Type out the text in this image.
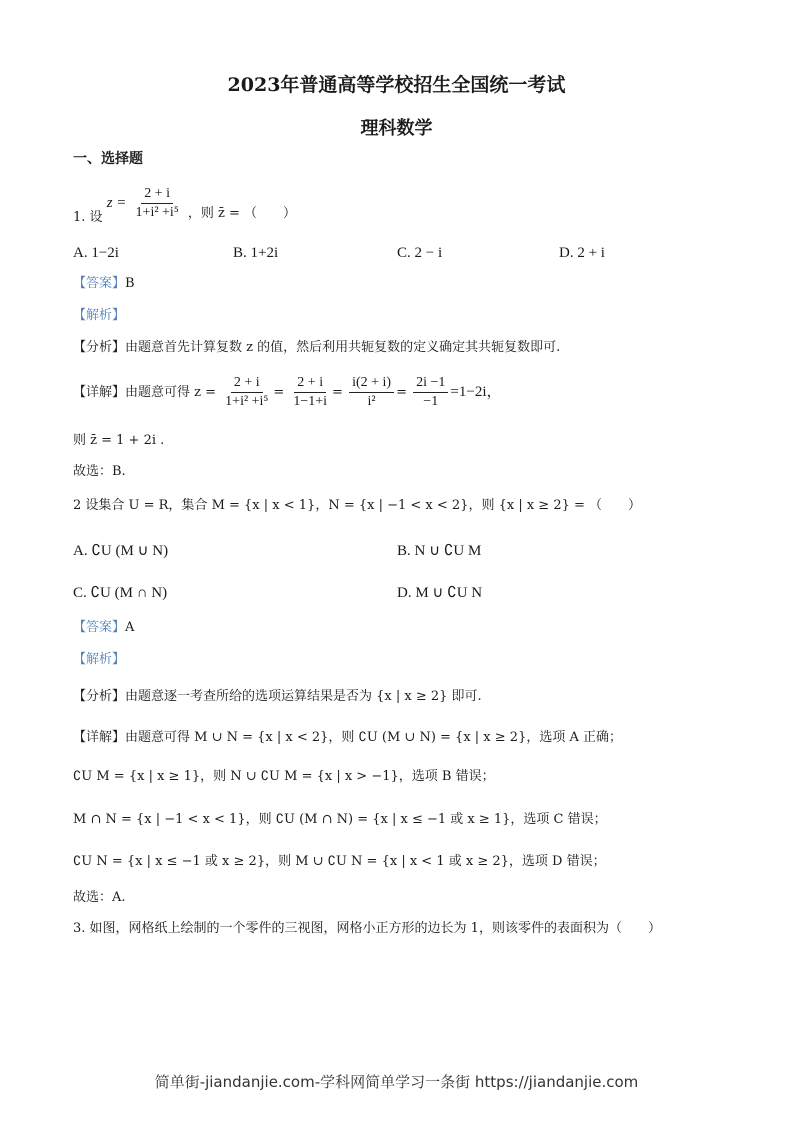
2023年普通高等学校招生全国统一考试
理科数学
一、选择题
1. 设 $z = \frac{2 + i}{\text{1+i² +i⁵}}$ ，则 z̄ = （　　）
A. 1−2i	B. 1+2i	C. 2 − i	D. 2 + i
【答案】B
【解析】
【分析】由题意首先计算复数 z 的值，然后利用共轭复数的定义确定其共轭复数即可.
【详解】由题意可得 $z = \frac{2 + i}{\text{1+i² +i⁵}} = \frac{2 + i}{1-1+i} = \frac{i(2 + i)}{\text{i²}} = \frac{2i -1}{-1} =1-2i$，
则 z̄ = 1 + 2i .
故选：B.
2 设集合 U = R，集合 M = {x | x < 1}，N = {x | −1 < x < 2}，则 {x | x ≥ 2} = （　　）
A. ∁U (M ∪ N)	B. N ∪ ∁U M
C. ∁U (M ∩ N)	D. M ∪ ∁U N
【答案】A
【解析】
【分析】由题意逐一考查所给的选项运算结果是否为 {x | x ≥ 2} 即可.
【详解】由题意可得 M ∪ N = {x | x < 2}，则 ∁U (M ∪ N) = {x | x ≥ 2}，选项 A 正确；
∁U M = {x | x ≥ 1}，则 N ∪ ∁U M = {x | x > −1}，选项 B 错误；
M ∩ N = {x | −1 < x < 1}，则 ∁U (M ∩ N) = {x | x ≤ −1 或 x ≥ 1}，选项 C 错误；
∁U N = {x | x ≤ −1 或 x ≥ 2}，则 M ∪ ∁U N = {x | x < 1 或 x ≥ 2}，选项 D 错误；
故选：A.
3. 如图，网格纸上绘制的一个零件的三视图，网格小正方形的边长为 1，则该零件的表面积为（　　）
简单街-jiandanjie.com-学科网简单学习一条街 https://jiandanjie.com
